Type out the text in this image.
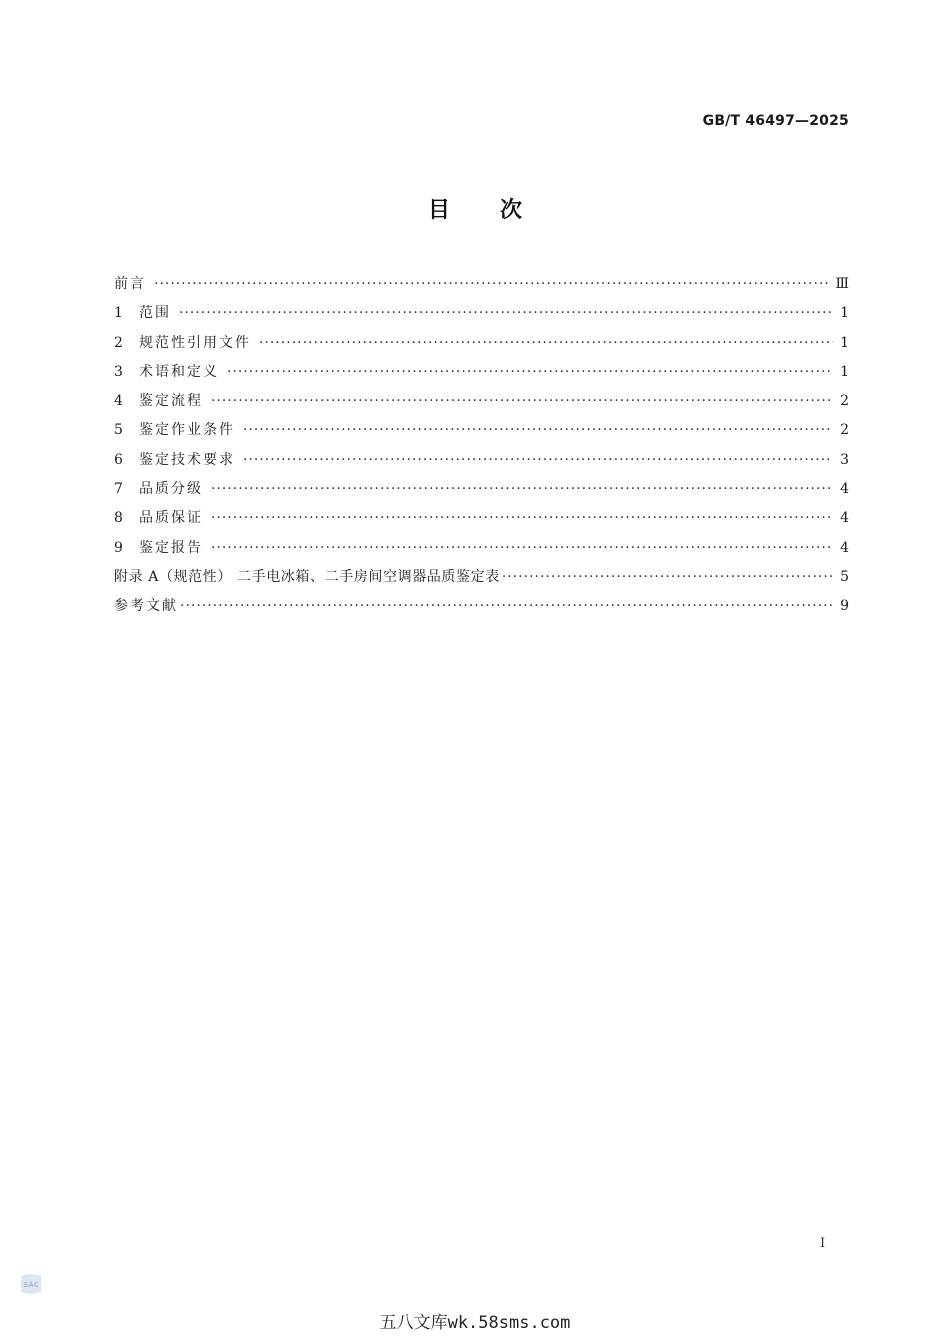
GB/T 46497—2025
目次
前言 ·····	Ⅲ
1	范围 ·····	1
2	规范性引用文件 ·····	1
3	术语和定义 ·····	1
4	鉴定流程 ·····	2
5	鉴定作业条件 ·····	2
6	鉴定技术要求 ·····	3
7	品质分级 ·····	4
8	品质保证 ·····	4
9	鉴定报告 ·····	4
附录 A（规范性） 二手电冰箱、二手房间空调器品质鉴定表 ·····	5
参考文献 ·····	9
I
SAC
五八文库wk.58sms.com
